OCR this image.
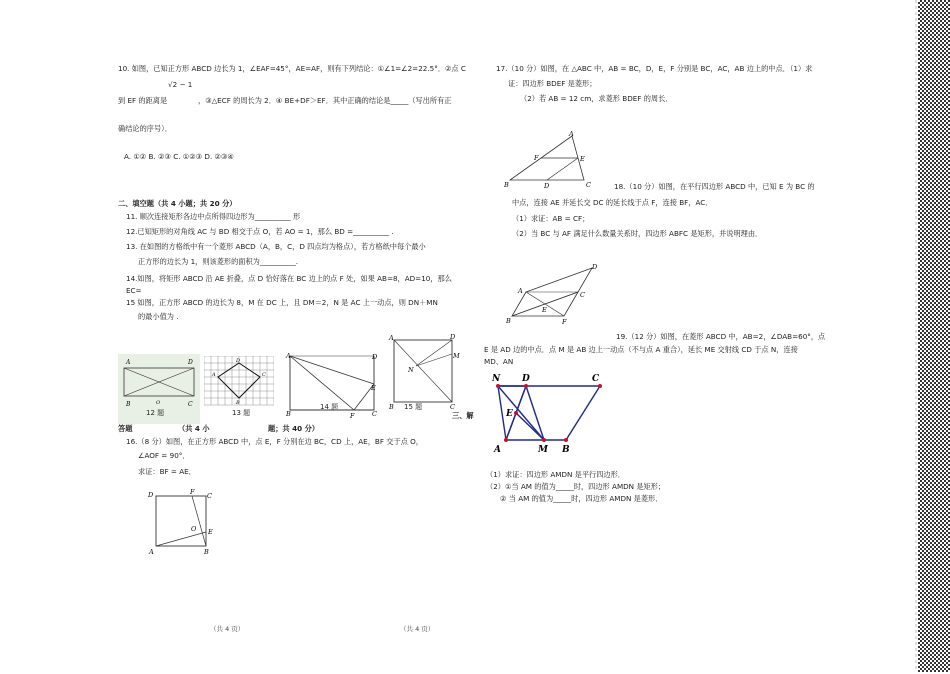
10. 如图，已知正方形 ABCD 边长为 1，∠EAF=45°，AE=AF，则有下列结论：①∠1=∠2=22.5°．②点 C
√2 − 1
到 EF 的距离是	，③△ECF 的周长为 2．④ BE+DF＞EF．其中正确的结论是_____（写出所有正
确结论的序号）．
A. ①② B. ②③ C. ①②③ D. ②③④
二、填空题（共 4 小题；共 20 分）
11. 顺次连接矩形各边中点所得四边形为__________ 形
12.已知矩形的对角线 AC 与 BD 相交于点 O，若 AO = 1，那么 BD =__________ .
13. 在如图的方格纸中有一个菱形 ABCD（A，B，C，D 四点均为格点），若方格纸中每个最小
正方形的边长为 1，则该菱形的面积为__________.
14.如图，将矩形 ABCD 沿 AE 折叠，点 D 恰好落在 BC 边上的点 F 处，如果 AB=8，AD=10，那么
EC=
15 如图，正方形 ABCD 的边长为 8，M 在 DC 上，且 DM＝2，N 是 AC 上一动点，则 DN＋MN
的最小值为 .
A	D
B	C
O
12 题
D
A	C
B
13 题
A	D
E
B	F	C
14 题
A	D
M
N
B	C
15 题
三、解
答题	（共 4 小	题；共 40 分）
16.（8 分）如图，在正方形 ABCD 中，点 E，F 分别在边 BC，CD 上，AE，BF 交于点 O，
∠AOF = 90°．
求证：BF = AE．
D	F C
E
O
A	B
（共 4 页）
17.（10 分）如图，在 △ABC 中，AB = BC，D，E，F 分别是 BC，AC，AB 边上的中点．（1）求
证：四边形 BDEF 是菱形；
（2）若 AB = 12 cm，求菱形 BDEF 的周长．
A
F	E
B	D	C	18.（10 分）如图，在平行四边形 ABCD 中，已知 E 为 BC 的
中点，连接 AE 并延长交 DC 的延长线于点 F，连接 BF，AC．
（1）求证：AB = CF；
（2）当 BC 与 AF 满足什么数量关系时，四边形 ABFC 是矩形，并说明理由．
A
D
C
E
B	F
19.（12 分）如图，在菱形 ABCD 中，AB=2，∠DAB=60°，点
E 是 AD 边的中点．点 M 是 AB 边上一动点（不与点 A 重合），延长 ME 交射线 CD 于点 N，连接
MD、AN
N D	C
E
A	M B
（1）求证：四边形 AMDN 是平行四边形．
（2）①当 AM 的值为_____时，四边形 AMDN 是矩形；
② 当 AM 的值为_____时，四边形 AMDN 是菱形．
（共 4 页）
